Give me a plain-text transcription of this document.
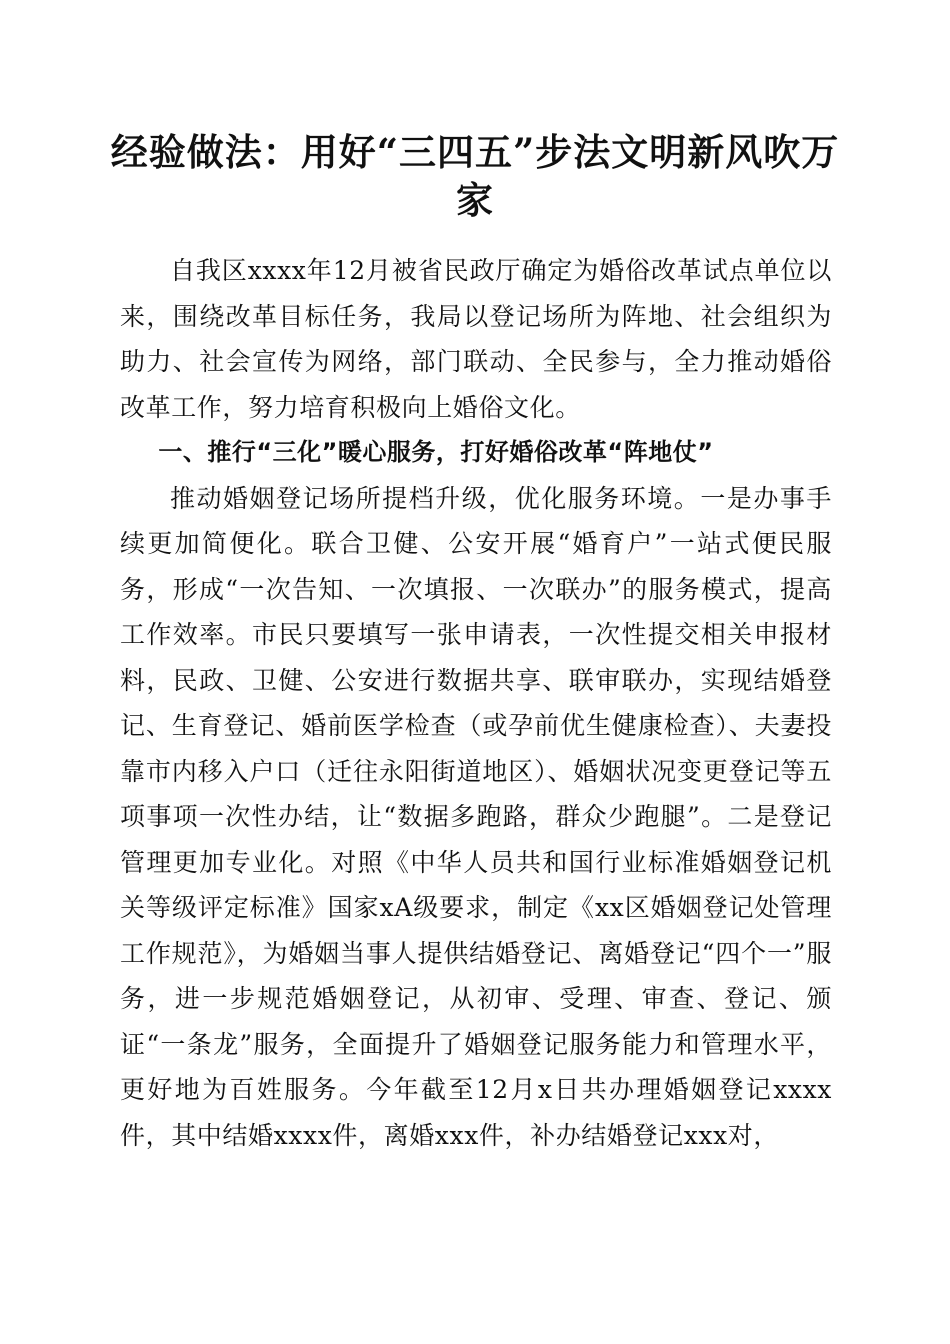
经验做法：用好“三四五”步法文明新风吹万家

自我区xxxx年12月被省民政厅确定为婚俗改革试点单位以来，围绕改革目标任务，我局以登记场所为阵地、社会组织为助力、社会宣传为网络，部门联动、全民参与，全力推动婚俗改革工作，努力培育积极向上婚俗文化。

一、推行“三化”暖心服务，打好婚俗改革“阵地仗”

推动婚姻登记场所提档升级，优化服务环境。一是办事手续更加简便化。联合卫健、公安开展“婚育户”一站式便民服务，形成“一次告知、一次填报、一次联办”的服务模式，提高工作效率。市民只要填写一张申请表，一次性提交相关申报材料，民政、卫健、公安进行数据共享、联审联办，实现结婚登记、生育登记、婚前医学检查（或孕前优生健康检查）、夫妻投靠市内移入户口（迁往永阳街道地区）、婚姻状况变更登记等五项事项一次性办结，让“数据多跑路，群众少跑腿”。二是登记管理更加专业化。对照《中华人员共和国行业标准婚姻登记机关等级评定标准》国家xA级要求，制定《xx区婚姻登记处管理工作规范》，为婚姻当事人提供结婚登记、离婚登记“四个一”服务，进一步规范婚姻登记，从初审、受理、审查、登记、颁证“一条龙”服务，全面提升了婚姻登记服务能力和管理水平，更好地为百姓服务。今年截至12月x日共办理婚姻登记xxxx件，其中结婚xxxx件，离婚xxx件，补办结婚登记xxx对，
